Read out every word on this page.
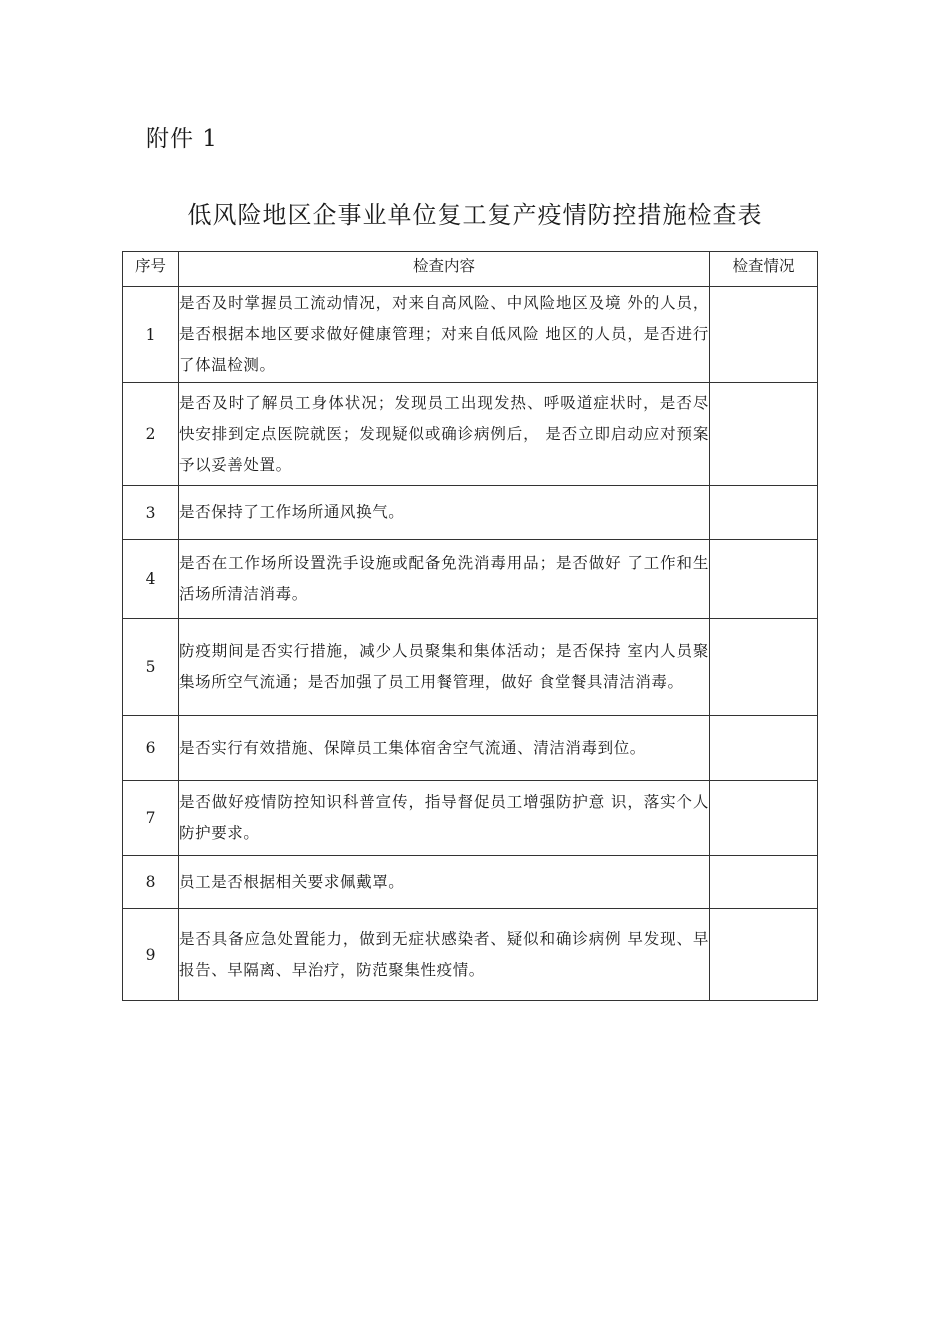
附件 1
低风险地区企事业单位复工复产疫情防控措施检查表
序号	检查内容	检查情况
1	是否及时掌握员工流动情况，对来自高风险、中风险地区及境 外的人员，是否根据本地区要求做好健康管理；对来自低风险 地区的人员，是否进行了体温检测。	
2	是否及时了解员工身体状况；发现员工出现发热、呼吸道症状时，是否尽快安排到定点医院就医；发现疑似或确诊病例后， 是否立即启动应对预案予以妥善处置。	
3	是否保持了工作场所通风换气。	
4	是否在工作场所设置洗手设施或配备免洗消毒用品；是否做好 了工作和生活场所清洁消毒。	
5	防疫期间是否实行措施，减少人员聚集和集体活动；是否保持 室内人员聚集场所空气流通；是否加强了员工用餐管理，做好 食堂餐具清洁消毒。	
6	是否实行有效措施、保障员工集体宿舍空气流通、清洁消毒到位。	
7	是否做好疫情防控知识科普宣传，指导督促员工增强防护意 识，落实个人防护要求。	
8	员工是否根据相关要求佩戴罩。	
9	是否具备应急处置能力，做到无症状感染者、疑似和确诊病例 早发现、早报告、早隔离、早治疗，防范聚集性疫情。	
